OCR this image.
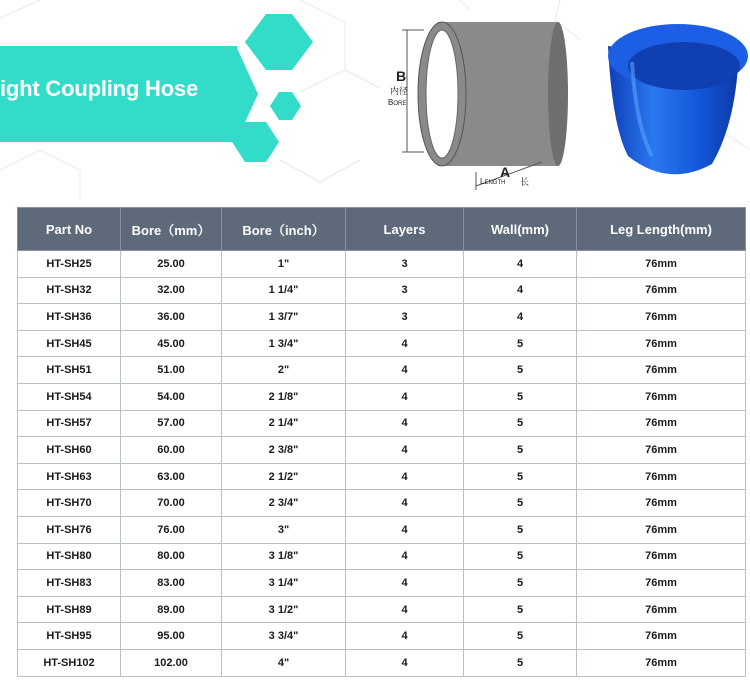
ight Coupling Hose	B
内径
Bore
A
Length 长
Part No	Bore（mm）	Bore（inch）	Layers	Wall(mm)	Leg Length(mm)
HT-SH25	25.00	1"	3	4	76mm
HT-SH32	32.00	1 1/4"	3	4	76mm
HT-SH36	36.00	1 3/7"	3	4	76mm
HT-SH45	45.00	1 3/4"	4	5	76mm
HT-SH51	51.00	2"	4	5	76mm
HT-SH54	54.00	2 1/8"	4	5	76mm
HT-SH57	57.00	2 1/4"	4	5	76mm
HT-SH60	60.00	2 3/8"	4	5	76mm
HT-SH63	63.00	2 1/2"	4	5	76mm
HT-SH70	70.00	2 3/4"	4	5	76mm
HT-SH76	76.00	3"	4	5	76mm
HT-SH80	80.00	3 1/8"	4	5	76mm
HT-SH83	83.00	3 1/4"	4	5	76mm
HT-SH89	89.00	3 1/2"	4	5	76mm
HT-SH95	95.00	3 3/4"	4	5	76mm
HT-SH102	102.00	4"	4	5	76mm
